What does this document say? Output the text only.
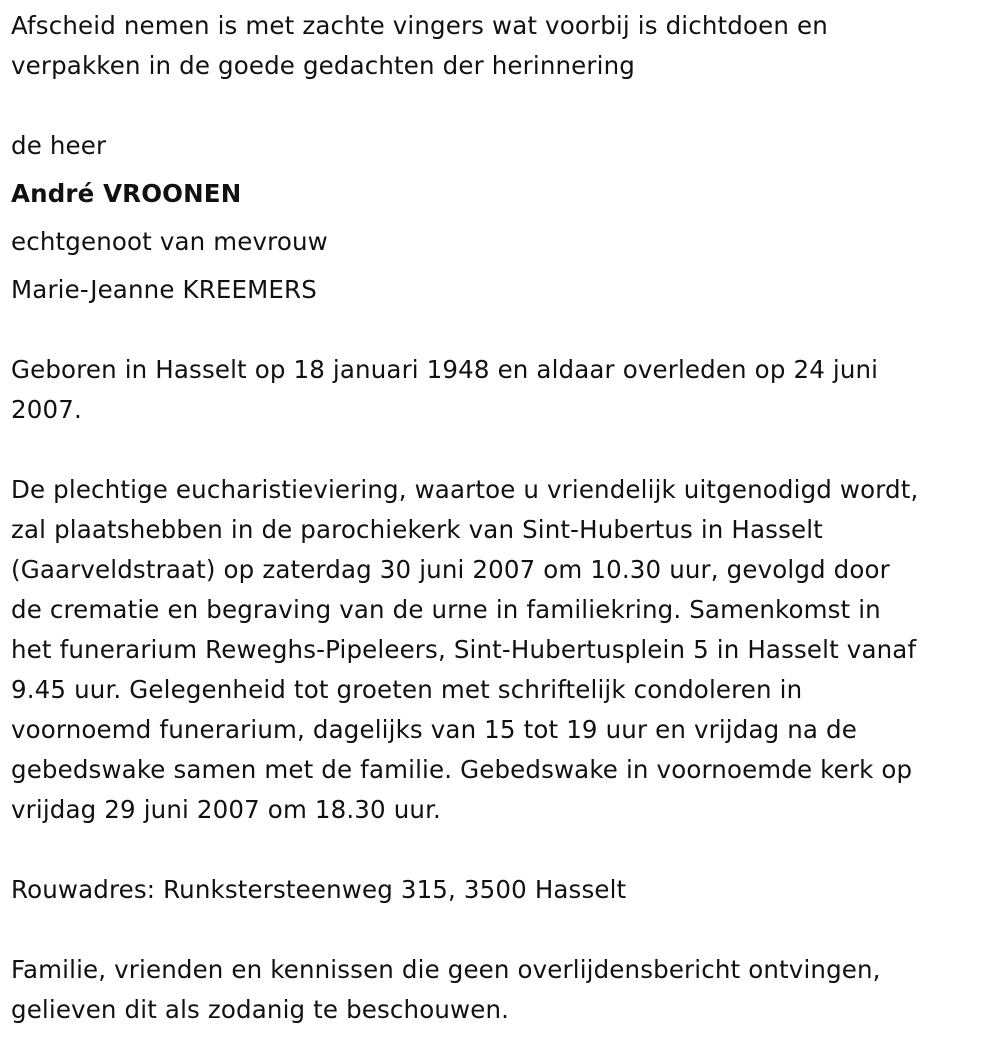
Afscheid nemen is met zachte vingers wat voorbij is dichtdoen en
verpakken in de goede gedachten der herinnering

de heer
André VROONEN
echtgenoot van mevrouw
Marie-Jeanne KREEMERS

Geboren in Hasselt op 18 januari 1948 en aldaar overleden op 24 juni
2007.

De plechtige eucharistieviering, waartoe u vriendelijk uitgenodigd wordt,
zal plaatshebben in de parochiekerk van Sint-Hubertus in Hasselt
(Gaarveldstraat) op zaterdag 30 juni 2007 om 10.30 uur, gevolgd door
de crematie en begraving van de urne in familiekring. Samenkomst in
het funerarium Reweghs-Pipeleers, Sint-Hubertusplein 5 in Hasselt vanaf
9.45 uur. Gelegenheid tot groeten met schriftelijk condoleren in
voornoemd funerarium, dagelijks van 15 tot 19 uur en vrijdag na de
gebedswake samen met de familie. Gebedswake in voornoemde kerk op
vrijdag 29 juni 2007 om 18.30 uur.

Rouwadres: Runkstersteenweg 315, 3500 Hasselt

Familie, vrienden en kennissen die geen overlijdensbericht ontvingen,
gelieven dit als zodanig te beschouwen.
